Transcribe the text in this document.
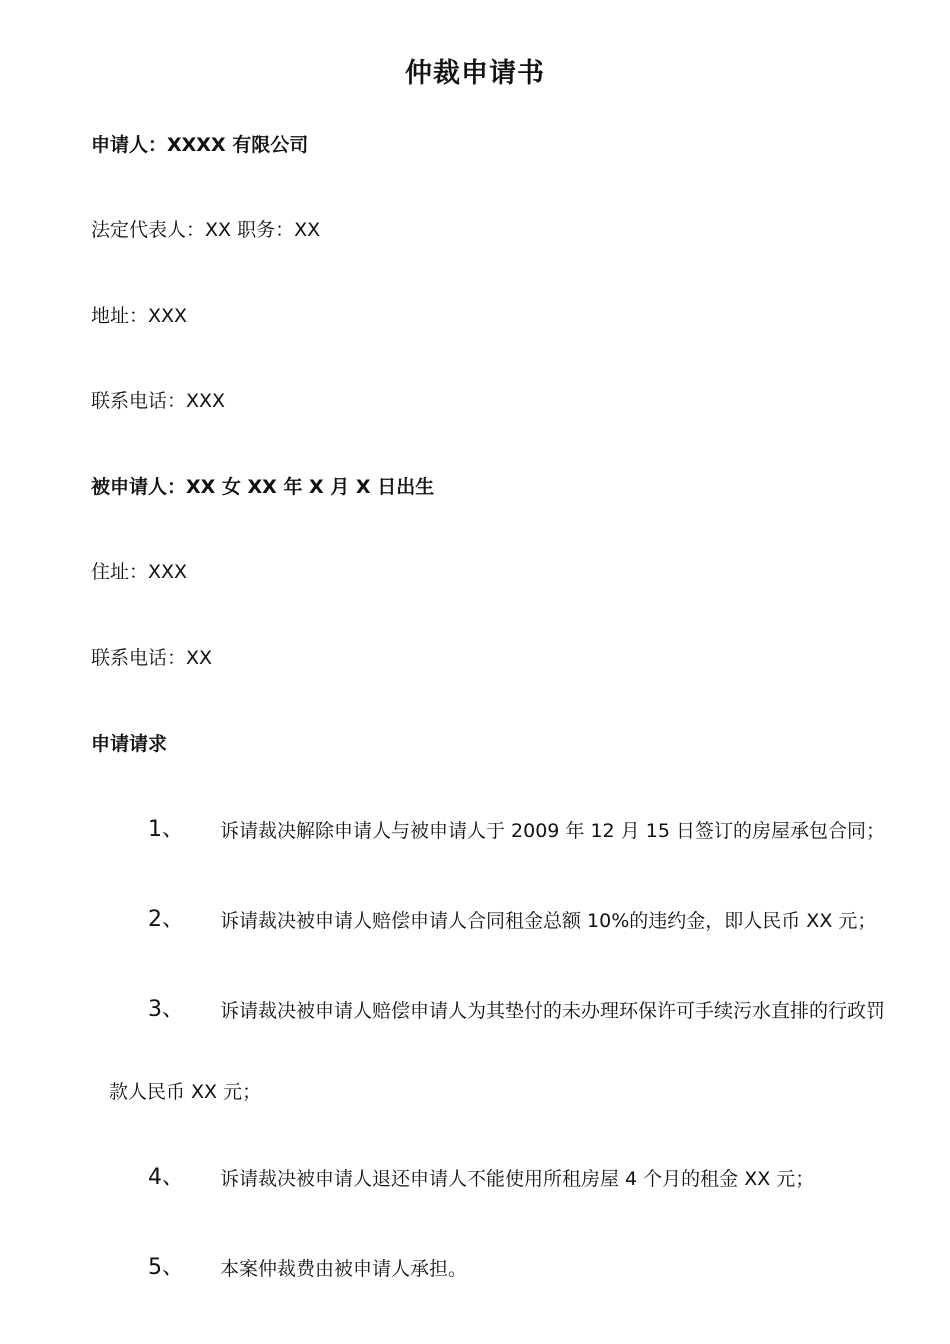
仲裁申请书
申请人：XXXX 有限公司
法定代表人：XX 职务：XX
地址：XXX
联系电话：XXX
被申请人：XX 女 XX 年 X 月 X 日出生
住址：XXX
联系电话：XX
申请请求
1、 诉请裁决解除申请人与被申请人于 2009 年 12 月 15 日签订的房屋承包合同；
2、 诉请裁决被申请人赔偿申请人合同租金总额 10%的违约金，即人民币 XX 元；
3、 诉请裁决被申请人赔偿申请人为其垫付的未办理环保许可手续污水直排的行政罚
款人民币 XX 元；
4、 诉请裁决被申请人退还申请人不能使用所租房屋 4 个月的租金 XX 元；
5、 本案仲裁费由被申请人承担。
